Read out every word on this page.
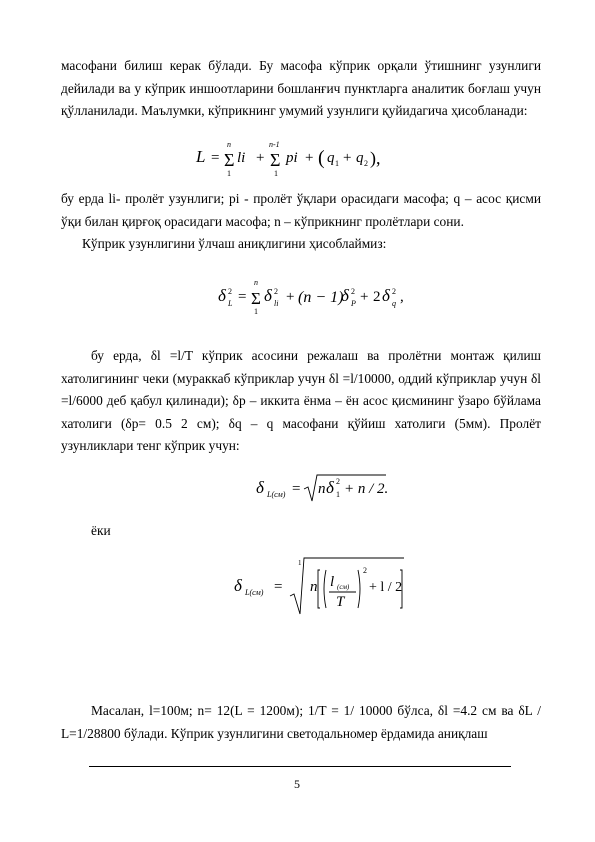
масофани билиш керак бўлади. Бу масофа кўприк орқали ўтишнинг узунлиги дейилади ва у кўприк иншоотларини бошланғич пунктларга аналитик боғлаш учун қўлланилади. Маълумки, кўприкнинг умумий узунлиги қуйидагича ҳисобланади:

L = Σ
n
1
li + Σ
n-1
1
pi + ( q 1 + q 2 ),

бу ерда li- пролёт узунлиги; pi - пролёт ўқлари орасидаги масофа; q – асос қисми ўқи билан қирғоқ орасидаги масофа; n – кўприкнинг пролётлари сони.

Кўприк узунлигини ўлчаш аниқлигини ҳисоблаймиз:

δ 2
L = Σ
n
1
δ 2
li + (n − 1)
δ 2
P + 2 δ 2
q ,

бу ерда, δl =l/T кўприк асосини режалаш ва пролётни монтаж қилиш хатолигининг чеки (мураккаб кўприклар учун δl =l/10000, оддий кўприклар учун δl =l/6000 деб қабул қилинади); δp – иккита ёнма – ён асос қисмининг ўзаро бўйлама хатолиги (δp= 0.5 2 см); δq – q масофани қўйиш хатолиги (5мм). Пролёт узунликлари тенг кўприк учун:

δ L(см) = n δ 1
2 + n / 2.

ёки

δ L(см) =
1
n l (см)
T
2
+ l / 2

Масалан, l=100м; n= 12(L = 1200м); 1/T = 1/ 10000 бўлса, δl =4.2 см ва δL / L=1/28800 бўлади. Кўприк узунлигини светодальномер ёрдамида аниқлаш

5
